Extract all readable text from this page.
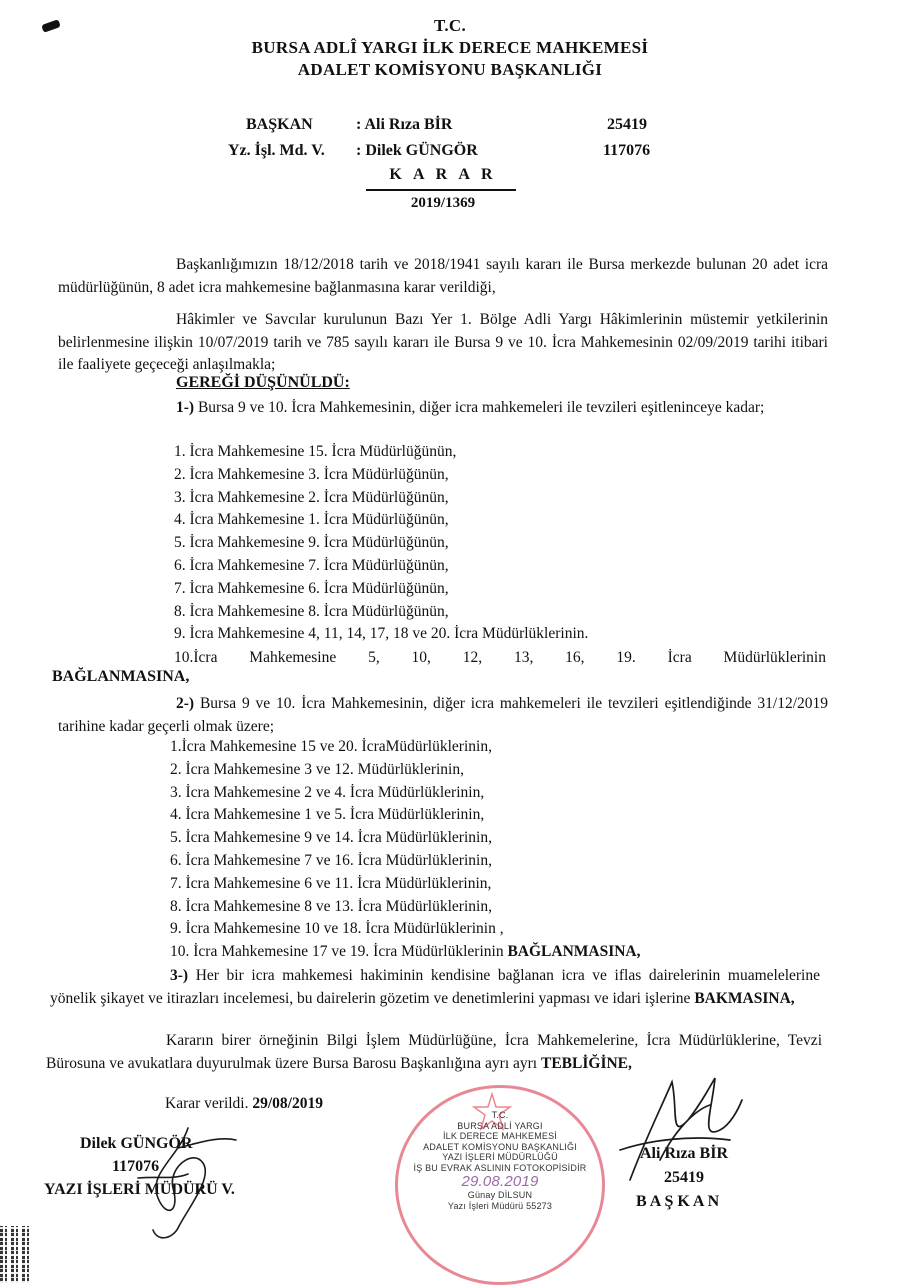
T.C.
BURSA ADLÎ YARGI İLK DERECE MAHKEMESİ
ADALET KOMİSYONU BAŞKANLIĞI
BAŞKAN	: Ali Rıza BİR	25419
Yz. İşl. Md. V. : Dilek GÜNGÖR	117076
K A R A R
2019/1369
Başkanlığımızın 18/12/2018 tarih ve 2018/1941 sayılı kararı ile Bursa merkezde bulunan 20 adet icra müdürlüğünün, 8 adet icra mahkemesine bağlanmasına karar verildiği,
Hâkimler ve Savcılar kurulunun Bazı Yer 1. Bölge Adli Yargı Hâkimlerinin müstemir yetkilerinin belirlenmesine ilişkin 10/07/2019 tarih ve 785 sayılı kararı ile Bursa 9 ve 10. İcra Mahkemesinin 02/09/2019 tarihi itibari ile faaliyete geçeceği anlaşılmakla;
GEREĞİ DÜŞÜNÜLDÜ:
1-) Bursa 9 ve 10. İcra Mahkemesinin, diğer icra mahkemeleri ile tevzileri eşitleninceye kadar;
1. İcra Mahkemesine 15. İcra Müdürlüğünün,
2. İcra Mahkemesine 3. İcra Müdürlüğünün,
3. İcra Mahkemesine 2. İcra Müdürlüğünün,
4. İcra Mahkemesine 1. İcra Müdürlüğünün,
5. İcra Mahkemesine 9. İcra Müdürlüğünün,
6. İcra Mahkemesine 7. İcra Müdürlüğünün,
7. İcra Mahkemesine 6. İcra Müdürlüğünün,
8. İcra Mahkemesine 8. İcra Müdürlüğünün,
9. İcra Mahkemesine 4, 11, 14, 17, 18 ve 20. İcra Müdürlüklerinin.
10.İcra Mahkemesine 5, 10, 12, 13, 16, 19. İcra Müdürlüklerinin
BAĞLANMASINA,
2-) Bursa 9 ve 10. İcra Mahkemesinin, diğer icra mahkemeleri ile tevzileri eşitlendiğinde 31/12/2019 tarihine kadar geçerli olmak üzere;
1.İcra Mahkemesine 15 ve 20. İcraMüdürlüklerinin,
2. İcra Mahkemesine 3 ve 12. Müdürlüklerinin,
3. İcra Mahkemesine 2 ve 4. İcra Müdürlüklerinin,
4. İcra Mahkemesine 1 ve 5. İcra Müdürlüklerinin,
5. İcra Mahkemesine 9 ve 14. İcra Müdürlüklerinin,
6. İcra Mahkemesine 7 ve 16. İcra Müdürlüklerinin,
7. İcra Mahkemesine 6 ve 11. İcra Müdürlüklerinin,
8. İcra Mahkemesine 8 ve 13. İcra Müdürlüklerinin,
9. İcra Mahkemesine 10 ve 18. İcra Müdürlüklerinin ,
10. İcra Mahkemesine 17 ve 19. İcra Müdürlüklerinin BAĞLANMASINA,
3-) Her bir icra mahkemesi hakiminin kendisine bağlanan icra ve iflas dairelerinin muamelelerine yönelik şikayet ve itirazları incelemesi, bu dairelerin gözetim ve denetimlerini yapması ve idari işlerine BAKMASINA,
Kararın birer örneğinin Bilgi İşlem Müdürlüğüne, İcra Mahkemelerine, İcra Müdürlüklerine, Tevzi Bürosuna ve avukatlara duyurulmak üzere Bursa Barosu Başkanlığına ayrı ayrı TEBLİĞİNE,
Karar verildi. 29/08/2019
T.C.
BURSA ADLİ YARGI
İLK DERECE MAHKEMESİ
ADALET KOMİSYONU BAŞKANLIĞI
YAZI İŞLERİ MÜDÜRLÜĞÜ
İŞ BU EVRAK ASLININ FOTOKOPİSİDİR
29.08.2019
Günay DİLSUN
Yazı İşleri Müdürü 55273
Dilek GÜNGÖR
117076
YAZI İŞLERİ MÜDÜRÜ V.
Ali Rıza BİR
25419
B A Ş K A N
